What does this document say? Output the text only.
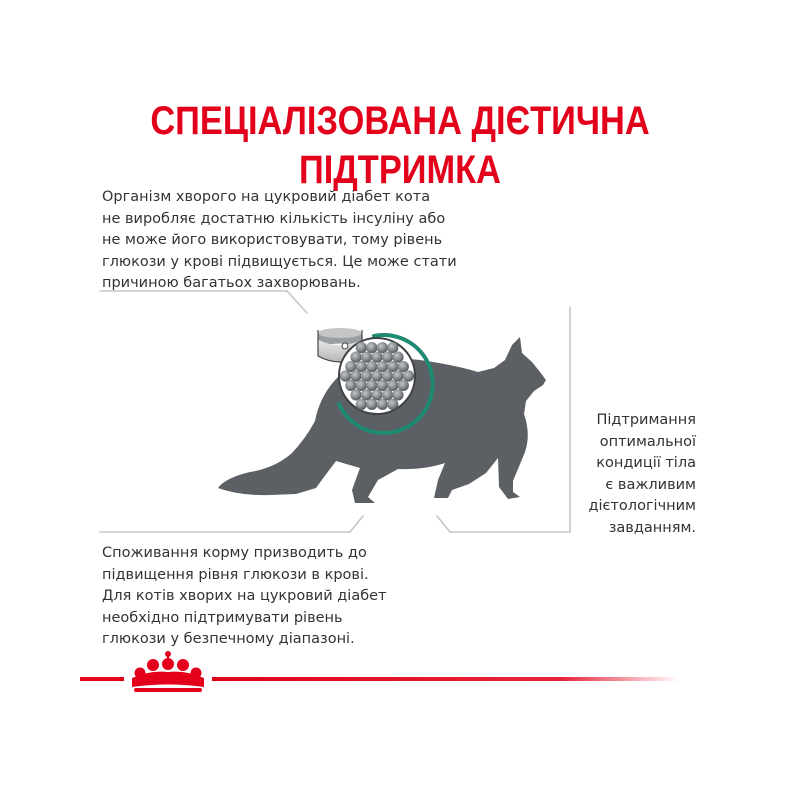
СПЕЦІАЛІЗОВАНА ДІЄТИЧНА
ПІДТРИМКА
Організм хворого на цукровий діабет кота
не виробляє достатню кількість інсуліну або
не може його використовувати, тому рівень
глюкози у крові підвищується. Це може стати
причиною багатьох захворювань.
Підтримання
оптимальної
кондиції тіла
є важливим
дієтологічним
завданням.
Споживання корму призводить до
підвищення рівня глюкози в крові.
Для котів хворих на цукровий діабет
необхідно підтримувати рівень
глюкози у безпечному діапазоні.
